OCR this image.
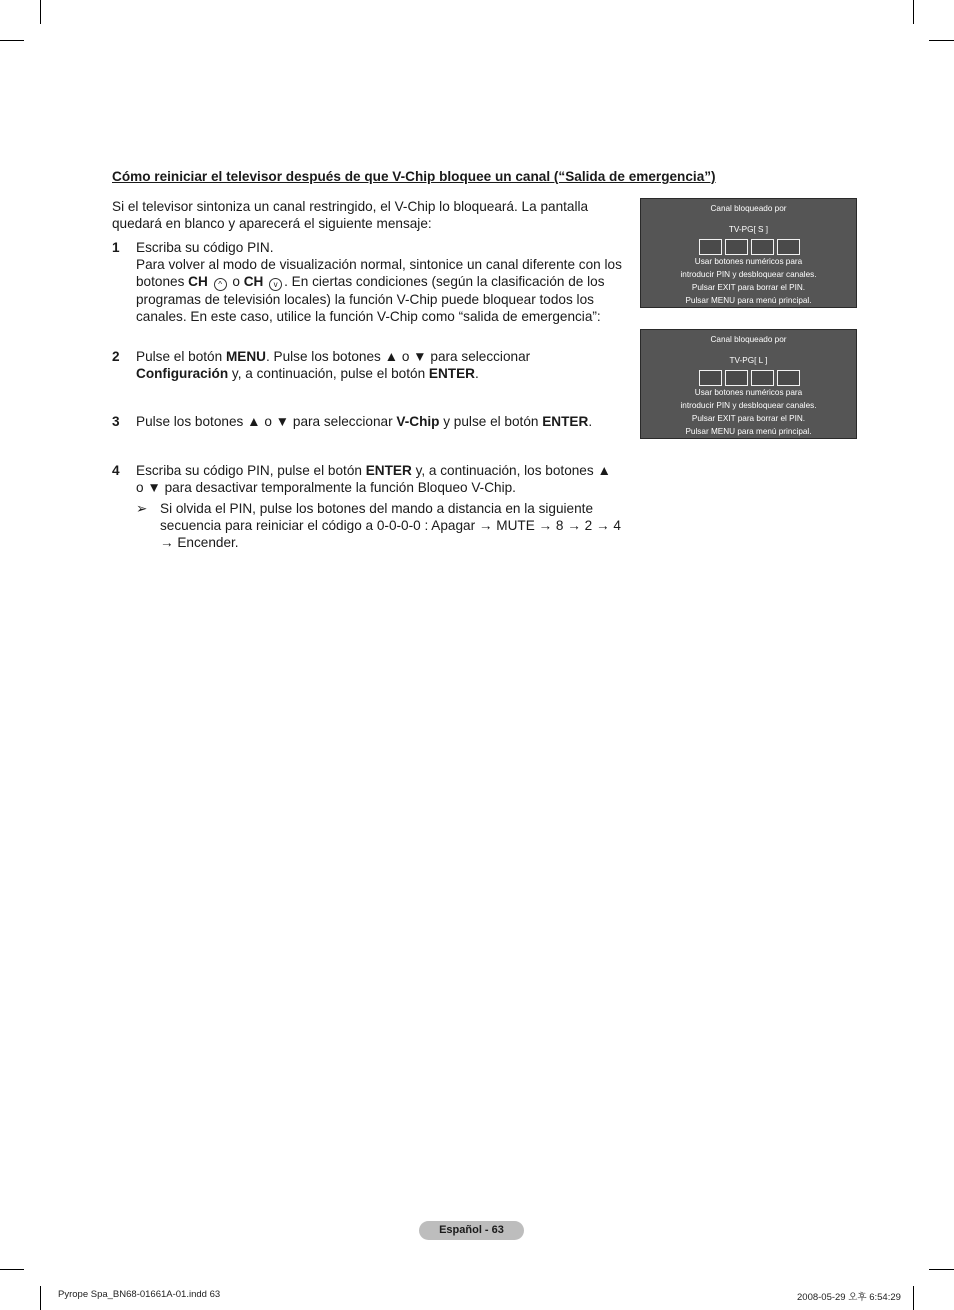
Cómo reiniciar el televisor después de que V-Chip bloquee un canal (“Salida de emergencia”)
Si el televisor sintoniza un canal restringido, el V-Chip lo bloqueará. La pantalla quedará en blanco y aparecerá el siguiente mensaje:
1	Escriba su código PIN.
Para volver al modo de visualización normal, sintonice un canal diferente con los botones CH ^ o CH v . En ciertas condiciones (según la clasificación de los programas de televisión locales) la función V-Chip puede bloquear todos los canales. En este caso, utilice la función V-Chip como “salida de emergencia”:
2	Pulse el botón MENU. Pulse los botones ▲ o ▼ para seleccionar Configuración y, a continuación, pulse el botón ENTER.
3	Pulse los botones ▲ o ▼ para seleccionar V-Chip y pulse el botón ENTER.
4	Escriba su código PIN, pulse el botón ENTER y, a continuación, los botones ▲ o ▼ para desactivar temporalmente la función Bloqueo V-Chip.
➢ Si olvida el PIN, pulse los botones del mando a distancia en la siguiente secuencia para reiniciar el código a 0-0-0-0 : Apagar → MUTE → 8 → 2 → 4 → Encender.
Canal bloqueado por
TV-PG[ S ]
Usar botones numéricos para
introducir PIN y desbloquear canales.
Pulsar EXIT para borrar el PIN.
Pulsar MENU para menú principal.
Canal bloqueado por
TV-PG[ L ]
Usar botones numéricos para
introducir PIN y desbloquear canales.
Pulsar EXIT para borrar el PIN.
Pulsar MENU para menú principal.
Español - 63
Pyrope Spa_BN68-01661A-01.indd 63	2008-05-29 오후 6:54:29
